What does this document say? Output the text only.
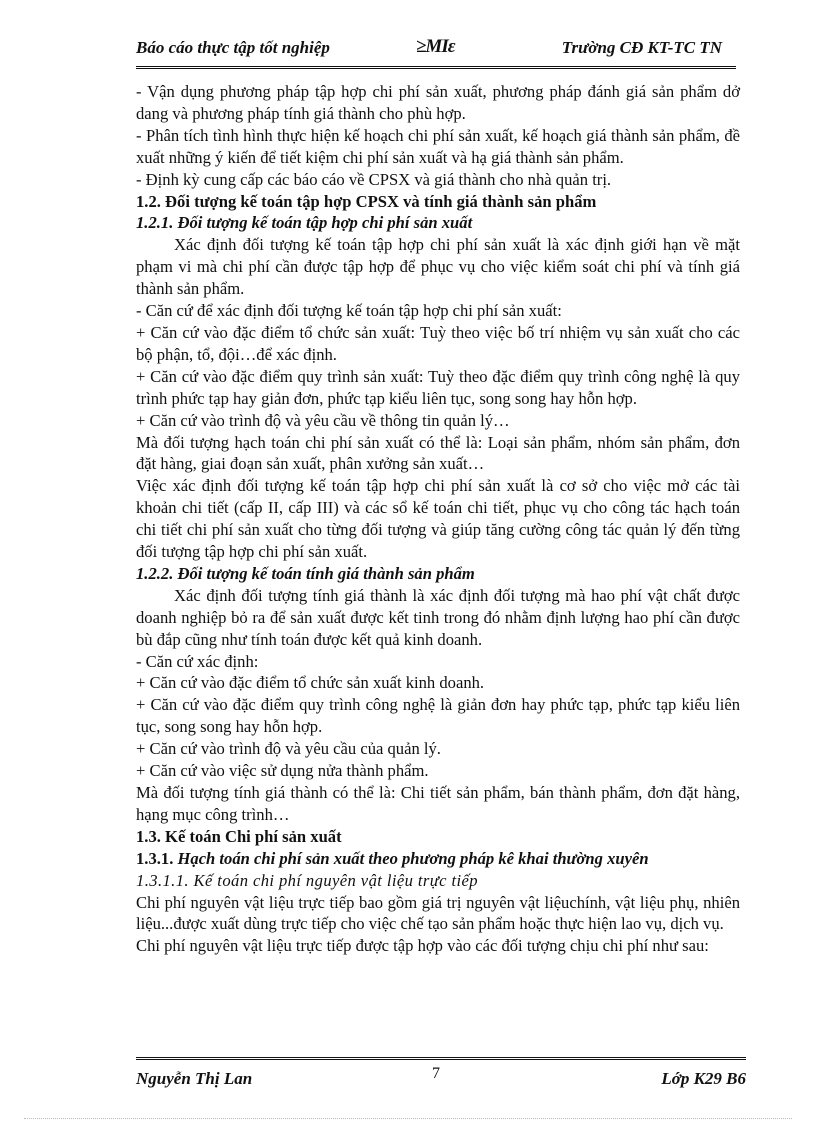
Báo cáo thực tập tốt nghiệp	≥ΜIε	Trường CĐ KT-TC TN

- Vận dụng phương pháp tập hợp chi phí sản xuất, phương pháp đánh giá sản phẩm dở dang và phương pháp tính giá thành cho phù hợp.

- Phân tích tình hình thực hiện kế hoạch chi phí sản xuất, kế hoạch giá thành sản phẩm, đề xuất những ý kiến để tiết kiệm chi phí sản xuất và hạ giá thành sản phẩm.

- Định kỳ cung cấp các báo cáo về CPSX và giá thành cho nhà quản trị.

1.2. Đối tượng kế toán tập hợp CPSX và tính giá thành sản phẩm
1.2.1. Đối tượng kế toán tập hợp chi phí sản xuất

Xác định đối tượng kế toán tập hợp chi phí sản xuất là xác định giới hạn về mặt phạm vi mà chi phí cần được tập hợp để phục vụ cho việc kiểm soát chi phí và tính giá thành sản phẩm.

- Căn cứ để xác định đối tượng kế toán tập hợp chi phí sản xuất:

+ Căn cứ vào đặc điểm tổ chức sản xuất: Tuỳ theo việc bố trí nhiệm vụ sản xuất cho các bộ phận, tổ, đội…để xác định.

+ Căn cứ vào đặc điểm quy trình sản xuất: Tuỳ theo đặc điểm quy trình công nghệ là quy trình phức tạp hay giản đơn, phức tạp kiểu liên tục, song song hay hỗn hợp.

+ Căn cứ vào trình độ và yêu cầu về thông tin quản lý…

Mà đối tượng hạch toán chi phí sản xuất có thể là: Loại sản phẩm, nhóm sản phẩm, đơn đặt hàng, giai đoạn sản xuất, phân xưởng sản xuất…

Việc xác định đối tượng kế toán tập hợp chi phí sản xuất là cơ sở cho việc mở các tài khoản chi tiết (cấp II, cấp III) và các sổ kế toán chi tiết, phục vụ cho công tác hạch toán chi tiết chi phí sản xuất cho từng đối tượng và giúp tăng cường công tác quản lý đến từng đối tượng tập hợp chi phí sản xuất.

1.2.2. Đối tượng kế toán tính giá thành sản phẩm

Xác định đối tượng tính giá thành là xác định đối tượng mà hao phí vật chất được doanh nghiệp bỏ ra để sản xuất được kết tinh trong đó nhằm định lượng hao phí cần được bù đắp cũng như tính toán được kết quả kinh doanh.

- Căn cứ xác định:

+ Căn cứ vào đặc điểm tổ chức sản xuất kinh doanh.

+ Căn cứ vào đặc điểm quy trình công nghệ là giản đơn hay phức tạp, phức tạp kiểu liên tục, song song hay hỗn hợp.

+ Căn cứ vào trình độ và yêu cầu của quản lý.

+ Căn cứ vào việc sử dụng nửa thành phẩm.

Mà đối tượng tính giá thành có thể là: Chi tiết sản phẩm, bán thành phẩm, đơn đặt hàng, hạng mục công trình…

1.3. Kế toán Chi phí sản xuất
1.3.1. Hạch toán chi phí sản xuất theo phương pháp kê khai thường xuyên
1.3.1.1. Kế toán chi phí nguyên vật liệu trực tiếp

Chi phí nguyên vật liệu trực tiếp bao gồm giá trị nguyên vật liệuchính, vật liệu phụ, nhiên liệu...được xuất dùng trực tiếp cho việc chế tạo sản phẩm hoặc thực hiện lao vụ, dịch vụ.

Chi phí nguyên vật liệu trực tiếp được tập hợp vào các đối tượng chịu chi phí như sau:

Nguyễn Thị Lan	7	Lớp K29 B6
